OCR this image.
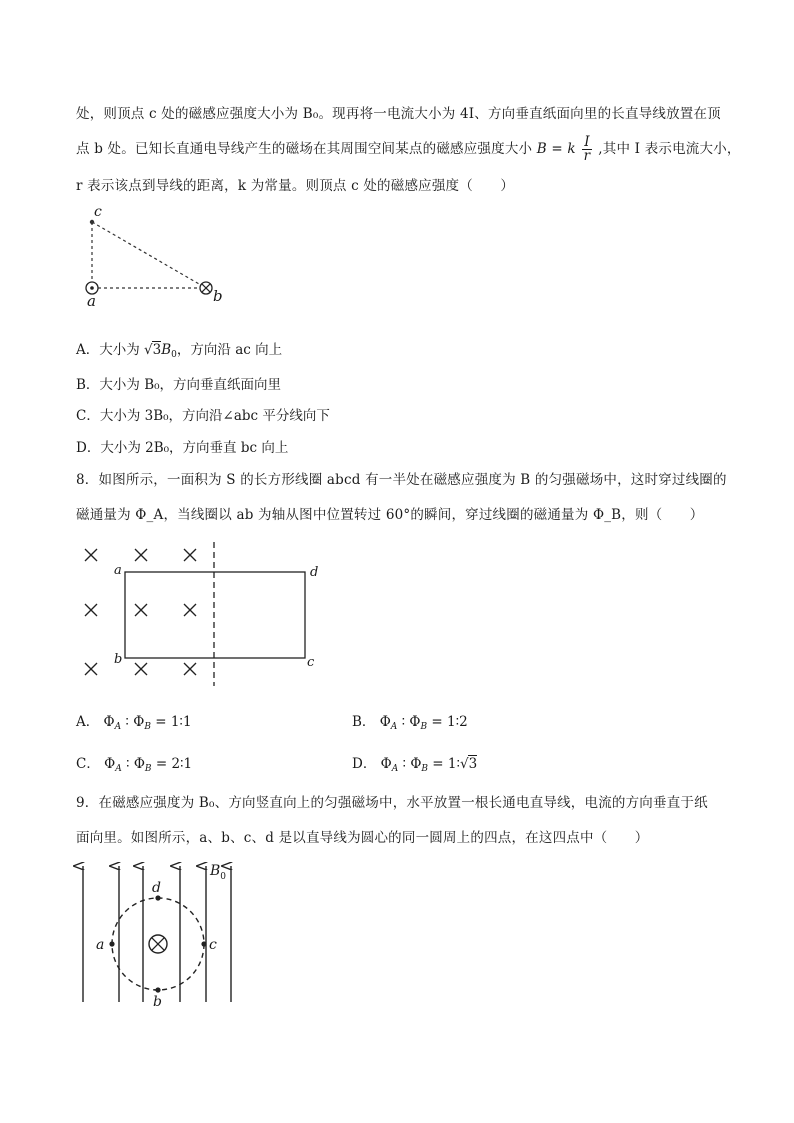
处，则顶点 c 处的磁感应强度大小为 B₀。现再将一电流大小为 4I、方向垂直纸面向里的长直导线放置在顶
点 b 处。已知长直通电导线产生的磁场在其周围空间某点的磁感应强度大小 B = k $\frac{I}{r}$ ,其中 I 表示电流大小，
r 表示该点到导线的距离，k 为常量。则顶点 c 处的磁感应强度（　　）
c
a	b
A．大小为 $√3B_0$，方向沿 ac 向上
B．大小为 B₀，方向垂直纸面向里
C．大小为 3B₀，方向沿∠abc 平分线向下
D．大小为 2B₀，方向垂直 bc 向上
8．如图所示，一面积为 S 的长方形线圈 abcd 有一半处在磁感应强度为 B 的匀强磁场中，这时穿过线圈的
磁通量为 Φ_A，当线圈以 ab 为轴从图中位置转过 60°的瞬间，穿过线圈的磁通量为 Φ_B，则（　　）
a
b	c
d
A． $\Phi_A$ ∶ $\Phi_B$ = 1∶1	B． $\Phi_A$ ∶ $\Phi_B$ = 1∶2
C． $\Phi_A$ ∶ $\Phi_B$ = 2∶1	D． $\Phi_A$ ∶ $\Phi_B$ = 1∶√3
9．在磁感应强度为 B₀、方向竖直向上的匀强磁场中，水平放置一根长通电直导线，电流的方向垂直于纸
面向里。如图所示，a、b、c、d 是以直导线为圆心的同一圆周上的四点，在这四点中（　　）
d
b
a	c
$B_0$
